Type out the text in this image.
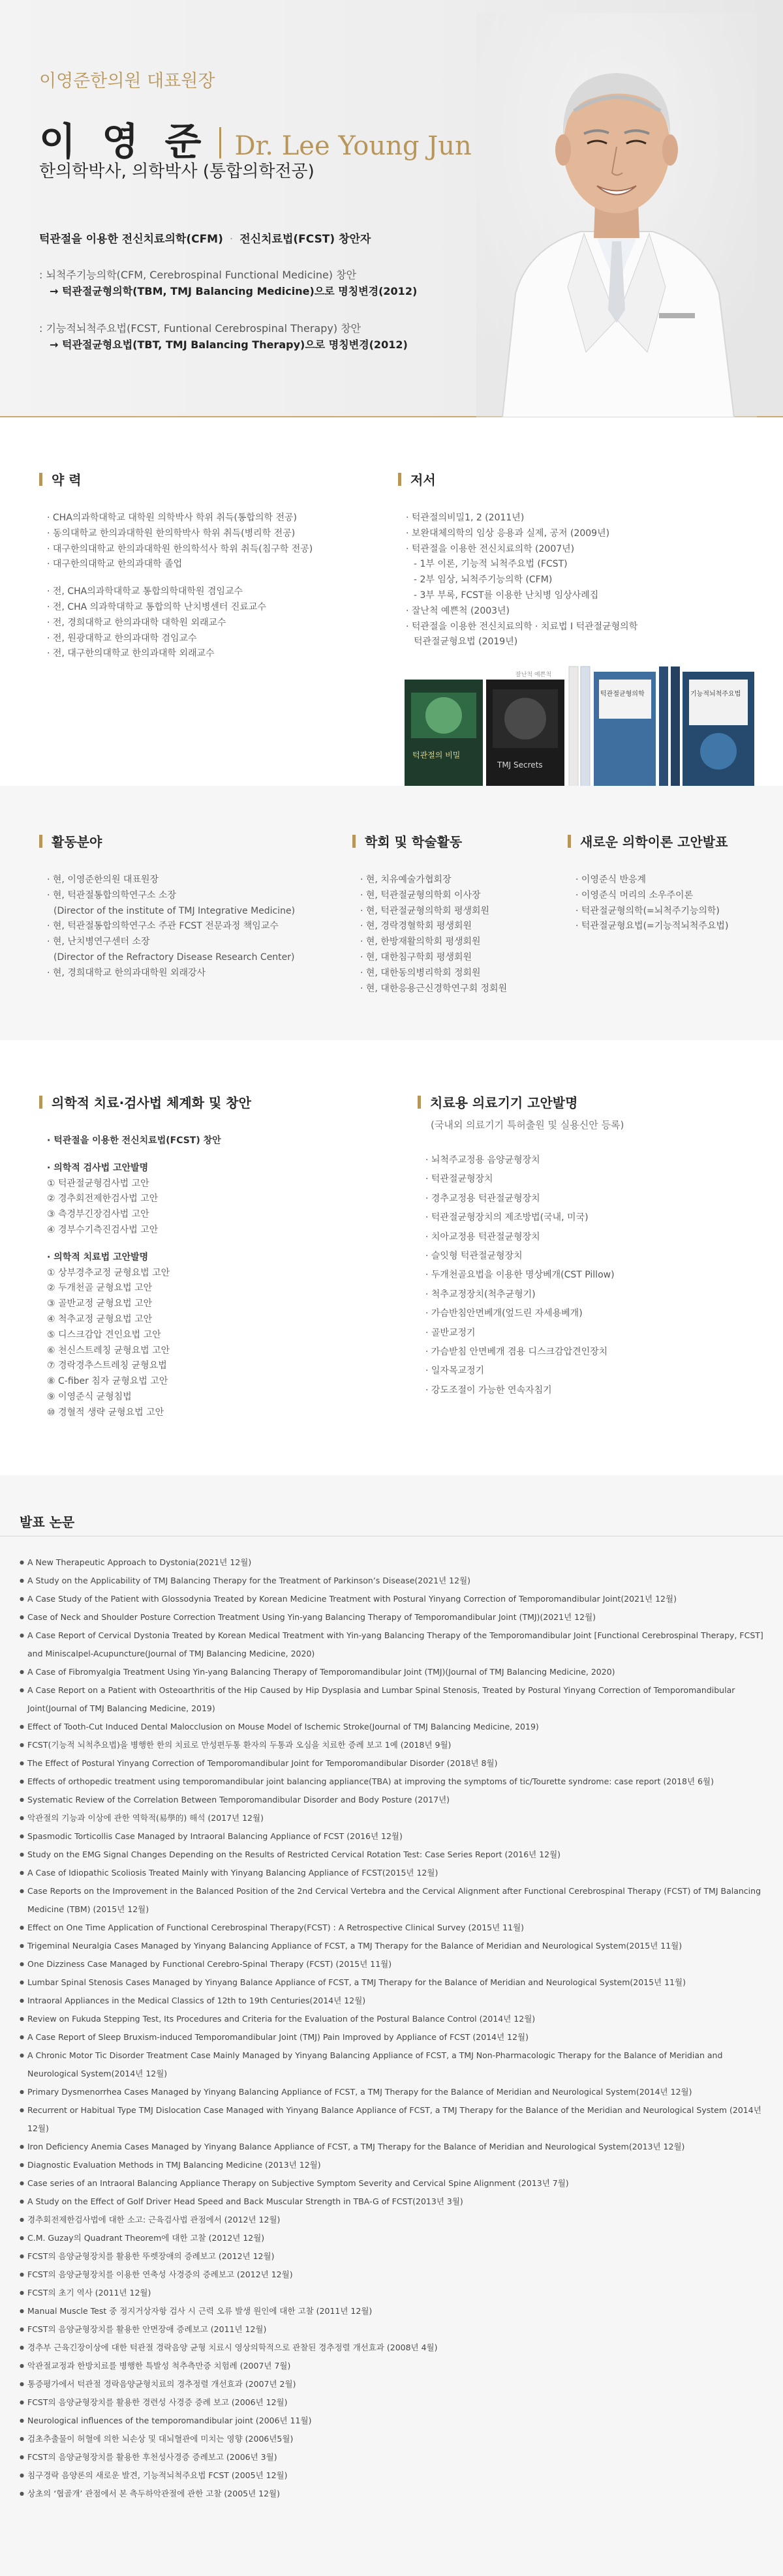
이영준한의원 대표원장
이 영 준 Dr. Lee Young Jun
한의학박사, 의학박사 (통합의학전공)
턱관절을 이용한 전신치료의학(CFM) · 전신치료법(FCST) 창안자
: 뇌척주기능의학(CFM, Cerebrospinal Functional Medicine) 창안
→ 턱관절균형의학(TBM, TMJ Balancing Medicine)으로 명칭변경(2012)
: 기능적뇌척주요법(FCST, Funtional Cerebrospinal Therapy) 창안
→ 턱관절균형요법(TBT, TMJ Balancing Therapy)으로 명칭변경(2012)
약 력
· CHA의과학대학교 대학원 의학박사 학위 취득(통합의학 전공)
· 동의대학교 한의과대학원 한의학박사 학위 취득(병리학 전공)
· 대구한의대학교 한의과대학원 한의학석사 학위 취득(침구학 전공)
· 대구한의대학교 한의과대학 졸업
· 전, CHA의과학대학교 통합의학대학원 겸임교수
· 전, CHA 의과학대학교 통합의학 난치병센터 진료교수
· 전, 경희대학교 한의과대학 대학원 외래교수
· 전, 원광대학교 한의과대학 겸임교수
· 전, 대구한의대학교 한의과대학 외래교수
저서
· 턱관절의비밀1, 2 (2011년)
· 보완대체의학의 임상 응용과 실제, 공저 (2009년)
· 턱관절을 이용한 전신치료의학 (2007년)
- 1부 이론, 기능적 뇌척주요법 (FCST)
- 2부 임상, 뇌척주기능의학 (CFM)
- 3부 부록, FCST를 이용한 난치병 임상사례집
· 잘난척 예쁜척 (2003년)
· 턱관절을 이용한 전신치료의학 · 치료법 I 턱관절균형의학
턱관절균형요법 (2019년)
턱관절의 비밀
TMJ Secrets
턱관절균형의학	기능적뇌척주요법
잘난척 예쁜척
활동분야
· 현, 이영준한의원 대표원장
· 현, 턱관절통합의학연구소 소장
(Director of the institute of TMJ Integrative Medicine)
· 현, 턱관절통합의학연구소 주관 FCST 전문과정 책임교수
· 현, 난치병연구센터 소장
(Director of the Refractory Disease Research Center)
· 현, 경희대학교 한의과대학원 외래강사
학회 및 학술활동
· 현, 치유예술가협회장
· 현, 턱관절균형의학회 이사장
· 현, 턱관절균형의학회 평생회원
· 현, 경락경혈학회 평생회원
· 현, 한방재활의학회 평생회원
· 현, 대한침구학회 평생회원
· 현, 대한동의병리학회 정회원
· 현, 대한응용근신경학연구회 정회원
새로운 의학이론 고안발표
· 이영준식 반응계
· 이영준식 머리의 소우주이론
· 턱관절균형의학(=뇌척주기능의학)
· 턱관절균형요법(=기능적뇌척주요법)
의학적 치료·검사법 체계화 및 창안
· 턱관절을 이용한 전신치료법(FCST) 창안
· 의학적 검사법 고안발명
① 턱관절균형검사법 고안
② 경추회전제한검사법 고안
③ 측경부긴장검사법 고안
④ 경부수기측진검사법 고안
· 의학적 치료법 고안발명
① 상부경추교정 균형요법 고안
② 두개천골 균형요법 고안
③ 골반교정 균형요법 고안
④ 척추교정 균형요법 고안
⑤ 디스크감압 견인요법 고안
⑥ 천신스트레칭 균형요법 고안
⑦ 경락경추스트레칭 균형요법
⑧ C-fiber 침자 균형요법 고안
⑨ 이영준식 균형침법
⑩ 경혈적 생략 균형요법 고안
치료용 의료기기 고안발명
(국내외 의료기기 특허출원 및 실용신안 등록)
· 뇌척주교정용 음양균형장치
· 턱관절균형장치
· 경추교정용 턱관절균형장치
· 턱관절균형장치의 제조방법(국내, 미국)
· 치아교정용 턱관절균형장치
· 슬잇형 턱관절균형장치
· 두개천골요법을 이용한 명상베개(CST Pillow)
· 척추교정장치(척추균형기)
· 가슴반침안면베개(엎드린 자세용베개)
· 골반교정기
· 가슴받침 안면베개 겸용 디스크감압견인장치
· 일자목교정기
· 강도조절이 가능한 연속자침기
발표 논문
● A New Therapeutic Approach to Dystonia(2021년 12월)
● A Study on the Applicability of TMJ Balancing Therapy for the Treatment of Parkinson’s Disease(2021년 12월)
● A Case Study of the Patient with Glossodynia Treated by Korean Medicine Treatment with Postural Yinyang Correction of Temporomandibular Joint(2021년 12월)
● Case of Neck and Shoulder Posture Correction Treatment Using Yin-yang Balancing Therapy of Temporomandibular Joint (TMJ)(2021년 12월)
● A Case Report of Cervical Dystonia Treated by Korean Medical Treatment with Yin-yang Balancing Therapy of the Temporomandibular Joint [Functional Cerebrospinal Therapy, FCST] and Miniscalpel-Acupuncture(Journal of TMJ Balancing Medicine, 2020)
● A Case of Fibromyalgia Treatment Using Yin-yang Balancing Therapy of Temporomandibular Joint (TMJ)(Journal of TMJ Balancing Medicine, 2020)
● A Case Report on a Patient with Osteoarthritis of the Hip Caused by Hip Dysplasia and Lumbar Spinal Stenosis, Treated by Postural Yinyang Correction of Temporomandibular Joint(Journal of TMJ Balancing Medicine, 2019)
● Effect of Tooth-Cut Induced Dental Malocclusion on Mouse Model of Ischemic Stroke(Journal of TMJ Balancing Medicine, 2019)
● FCST(기능적 뇌척추요법)을 병행한 한의 치료로 만성편두통 환자의 두통과 오심을 치료한 증례 보고 1예 (2018년 9월)
● The Effect of Postural Yinyang Correction of Temporomandibular Joint for Temporomandibular Disorder (2018년 8월)
● Effects of orthopedic treatment using temporomandibular joint balancing appliance(TBA) at improving the symptoms of tic/Tourette syndrome: case report (2018년 6월)
● Systematic Review of the Correlation Between Temporomandibular Disorder and Body Posture (2017년)
● 악관절의 기능과 이상에 관한 역학적(易學的) 해석 (2017년 12월)
● Spasmodic Torticollis Case Managed by Intraoral Balancing Appliance of FCST (2016년 12월)
● Study on the EMG Signal Changes Depending on the Results of Restricted Cervical Rotation Test: Case Series Report (2016년 12월)
● A Case of Idiopathic Scoliosis Treated Mainly with Yinyang Balancing Appliance of FCST(2015년 12월)
● Case Reports on the Improvement in the Balanced Position of the 2nd Cervical Vertebra and the Cervical Alignment after Functional Cerebrospinal Therapy (FCST) of TMJ Balancing Medicine (TBM) (2015년 12월)
● Effect on One Time Application of Functional Cerebrospinal Therapy(FCST) : A Retrospective Clinical Survey (2015년 11월)
● Trigeminal Neuralgia Cases Managed by Yinyang Balancing Appliance of FCST, a TMJ Therapy for the Balance of Meridian and Neurological System(2015년 11월)
● One Dizziness Case Managed by Functional Cerebro-Spinal Therapy (FCST) (2015년 11월)
● Lumbar Spinal Stenosis Cases Managed by Yinyang Balance Appliance of FCST, a TMJ Therapy for the Balance of Meridian and Neurological System(2015년 11월)
● Intraoral Appliances in the Medical Classics of 12th to 19th Centuries(2014년 12월)
● Review on Fukuda Stepping Test, Its Procedures and Criteria for the Evaluation of the Postural Balance Control (2014년 12월)
● A Case Report of Sleep Bruxism-induced Temporomandibular Joint (TMJ) Pain Improved by Appliance of FCST (2014년 12월)
● A Chronic Motor Tic Disorder Treatment Case Mainly Managed by Yinyang Balancing Appliance of FCST, a TMJ Non-Pharmacologic Therapy for the Balance of Meridian and Neurological System(2014년 12월)
● Primary Dysmenorrhea Cases Managed by Yinyang Balancing Appliance of FCST, a TMJ Therapy for the Balance of Meridian and Neurological System(2014년 12월)
● Recurrent or Habitual Type TMJ Dislocation Case Managed with Yinyang Balance Appliance of FCST, a TMJ Therapy for the Balance of the Meridian and Neurological System (2014년 12월)
● Iron Deficiency Anemia Cases Managed by Yinyang Balance Appliance of FCST, a TMJ Therapy for the Balance of Meridian and Neurological System(2013년 12월)
● Diagnostic Evaluation Methods in TMJ Balancing Medicine (2013년 12월)
● Case series of an Intraoral Balancing Appliance Therapy on Subjective Symptom Severity and Cervical Spine Alignment (2013년 7월)
● A Study on the Effect of Golf Driver Head Speed and Back Muscular Strength in TBA-G of FCST(2013년 3월)
● 경추회전제한검사법에 대한 소고: 근육검사법 관점에서 (2012년 12월)
● C.M. Guzay의 Quadrant Theorem에 대한 고찰 (2012년 12월)
● FCST의 음양균형장치를 활용한 뚜렛장애의 증례보고 (2012년 12월)
● FCST의 음양균형장치를 이용한 연축성 사경증의 증례보고 (2012년 12월)
● FCST의 초기 역사 (2011년 12월)
● Manual Muscle Test 중 정지거상자항 검사 시 근력 오류 발생 원인에 대한 고찰 (2011년 12월)
● FCST의 음양균형장치를 활용한 안면장애 증례보고 (2011년 12월)
● 경추부 근육긴장이상에 대한 턱관절 경락음양 균형 치료시 영상의학적으로 관찰된 경추정렬 개선효과 (2008년 4월)
● 악관절교정과 한방치료를 병행한 특발성 척추측만증 치험례 (2007년 7월)
● 통증평가에서 턱관절 경락음양균형치료의 경추정렬 개선효과 (2007년 2월)
● FCST의 음양균형장치를 활용한 경련성 사경증 증례 보고 (2006년 12월)
● Neurological influences of the temporomandibular joint (2006년 11월)
● 검초추출물이 허혈에 의한 뇌손상 및 대뇌혈관에 미치는 영향 (2006년5월)
● FCST의 음양균형장치를 활용한 후천성사경증 증례보고 (2006년 3월)
● 침구경락 음양론의 새로운 발견, 기능적뇌척주요법 FCST (2005년 12월)
● 상초의 ‘협골개’ 관점에서 본 측두하악관절에 관한 고찰 (2005년 12월)
